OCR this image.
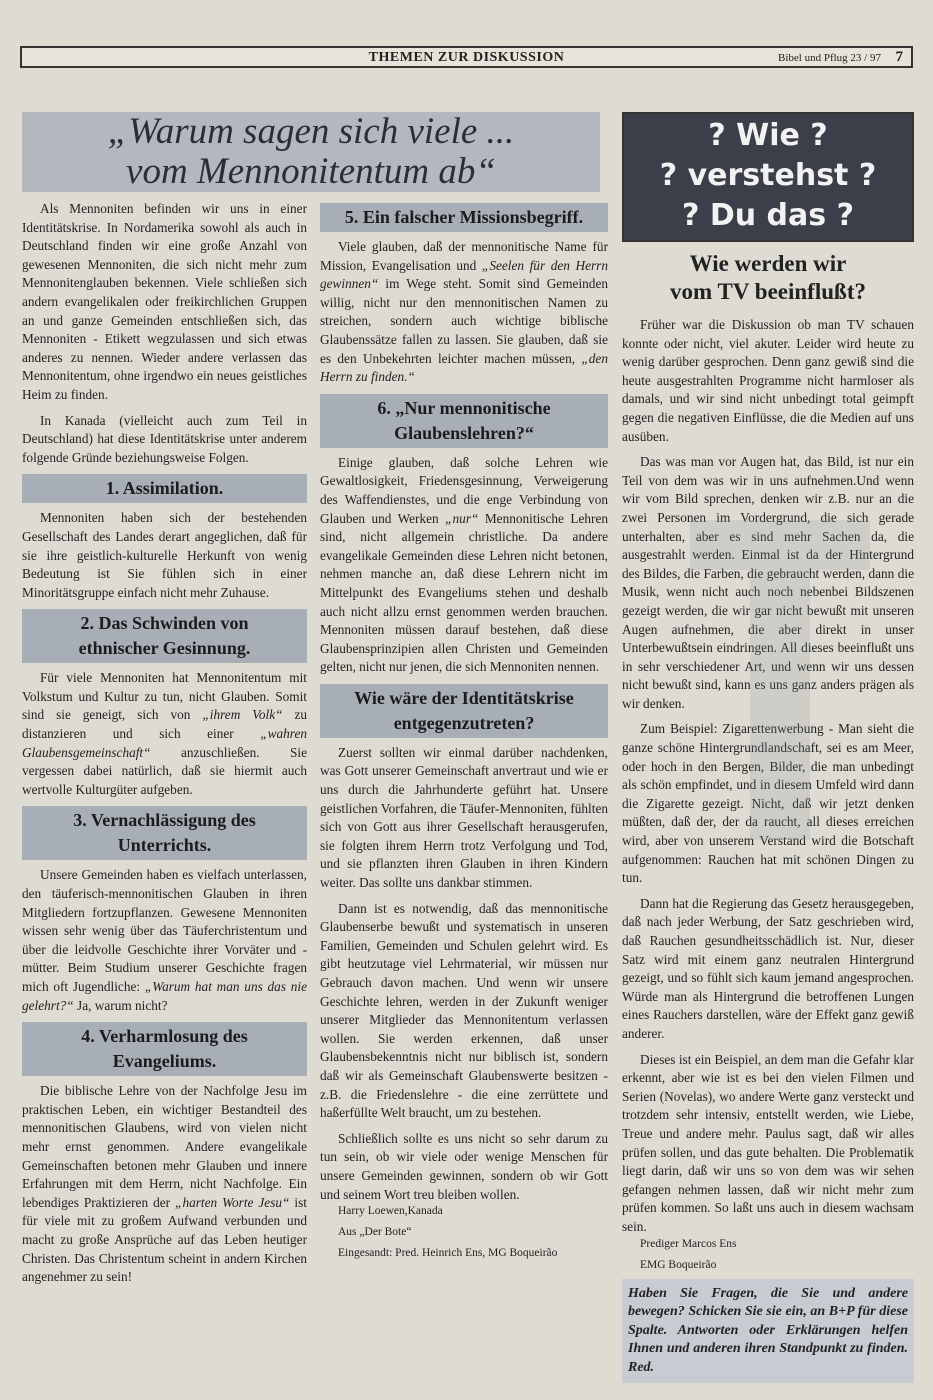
THEMEN ZUR DISKUSSION	Bibel und Pflug 23 / 97 7
„Warum sagen sich viele ...
vom Mennonitentum ab“

Als Mennoniten befinden wir uns in einer Identitätskrise. In Nordamerika sowohl als auch in Deutschland finden wir eine große Anzahl von gewesenen Mennoniten, die sich nicht mehr zum Mennonitenglauben bekennen. Viele schließen sich andern evangelikalen oder freikirchlichen Gruppen an und ganze Gemeinden entschließen sich, das Mennoniten - Etikett wegzulassen und sich etwas anderes zu nennen. Wieder andere verlassen das Mennonitentum, ohne irgendwo ein neues geistliches Heim zu finden.

In Kanada (vielleicht auch zum Teil in Deutschland) hat diese Identitätskrise unter anderem folgende Gründe beziehungsweise Folgen.

1. Assimilation.

Mennoniten haben sich der bestehenden Gesellschaft des Landes derart angeglichen, daß für sie ihre geistlich-kulturelle Herkunft von wenig Bedeutung ist Sie fühlen sich in einer Minoritätsgruppe einfach nicht mehr Zuhause.

2. Das Schwinden von
ethnischer Gesinnung.

Für viele Mennoniten hat Mennonitentum mit Volkstum und Kultur zu tun, nicht Glauben. Somit sind sie geneigt, sich von „ihrem Volk“ zu distanzieren und sich einer „wahren Glaubensgemeinschaft“ anzuschließen. Sie vergessen dabei natürlich, daß sie hiermit auch wertvolle Kulturgüter aufgeben.

3. Vernachlässigung des
Unterrichts.

Unsere Gemeinden haben es vielfach unterlassen, den täuferisch-mennonitischen Glauben in ihren Mitgliedern fortzupflanzen. Gewesene Mennoniten wissen sehr wenig über das Täuferchristentum und über die leidvolle Geschichte ihrer Vorväter und -mütter. Beim Studium unserer Geschichte fragen mich oft Jugendliche: „Warum hat man uns das nie gelehrt?“ Ja, warum nicht?

4. Verharmlosung des
Evangeliums.

Die biblische Lehre von der Nachfolge Jesu im praktischen Leben, ein wichtiger Bestandteil des mennonitischen Glaubens, wird von vielen nicht mehr ernst genommen. Andere evangelikale Gemeinschaften betonen mehr Glauben und innere Erfahrungen mit dem Herrn, nicht Nachfolge. Ein lebendiges Praktizieren der „harten Worte Jesu“ ist für viele mit zu großem Aufwand verbunden und macht zu große Ansprüche auf das Leben heutiger Christen. Das Christentum scheint in andern Kirchen angenehmer zu sein!

5. Ein falscher Missionsbegriff.

Viele glauben, daß der mennonitische Name für Mission, Evangelisation und „Seelen für den Herrn gewinnen“ im Wege steht. Somit sind Gemeinden willig, nicht nur den mennonitischen Namen zu streichen, sondern auch wichtige biblische Glaubenssätze fallen zu lassen. Sie glauben, daß sie es den Unbekehrten leichter machen müssen, „den Herrn zu finden.“

6. „Nur mennonitische
Glaubenslehren?“

Einige glauben, daß solche Lehren wie Gewaltlosigkeit, Friedensgesinnung, Verweigerung des Waffendienstes, und die enge Verbindung von Glauben und Werken „nur“ Mennonitische Lehren sind, nicht allgemein christliche. Da andere evangelikale Gemeinden diese Lehren nicht betonen, nehmen manche an, daß diese Lehrern nicht im Mittelpunkt des Evangeliums stehen und deshalb auch nicht allzu ernst genommen werden brauchen. Mennoniten müssen darauf bestehen, daß diese Glaubensprinzipien allen Christen und Gemeinden gelten, nicht nur jenen, die sich Mennoniten nennen.

Wie wäre der Identitätskrise
entgegenzutreten?

Zuerst sollten wir einmal darüber nachdenken, was Gott unserer Gemeinschaft anvertraut und wie er uns durch die Jahrhunderte geführt hat. Unsere geistlichen Vorfahren, die Täufer-Mennoniten, fühlten sich von Gott aus ihrer Gesellschaft herausgerufen, sie folgten ihrem Herrn trotz Verfolgung und Tod, und sie pflanzten ihren Glauben in ihren Kindern weiter. Das sollte uns dankbar stimmen.

Dann ist es notwendig, daß das mennonitische Glaubenserbe bewußt und systematisch in unseren Familien, Gemeinden und Schulen gelehrt wird. Es gibt heutzutage viel Lehrmaterial, wir müssen nur Gebrauch davon machen. Und wenn wir unsere Geschichte lehren, werden in der Zukunft weniger unserer Mitglieder das Mennonitentum verlassen wollen. Sie werden erkennen, daß unser Glaubensbekenntnis nicht nur biblisch ist, sondern daß wir als Gemeinschaft Glaubenswerte besitzen - z.B. die Friedenslehre - die eine zerrüttete und haßerfüllte Welt braucht, um zu bestehen.

Schließlich sollte es uns nicht so sehr darum zu tun sein, ob wir viele oder wenige Menschen für unsere Gemeinden gewinnen, sondern ob wir Gott und seinem Wort treu bleiben wollen.

Harry Loewen,Kanada

Aus „Der Bote“

Eingesandt: Pred. Heinrich Ens, MG Boqueirão

? Wie ?
? verstehst ?
? Du das ?
Wie werden wir
vom TV beeinflußt?

Früher war die Diskussion ob man TV schauen konnte oder nicht, viel akuter. Leider wird heute zu wenig darüber gesprochen. Denn ganz gewiß sind die heute ausgestrahlten Programme nicht harmloser als damals, und wir sind nicht unbedingt total geimpft gegen die negativen Einflüsse, die die Medien auf uns ausüben.

Das was man vor Augen hat, das Bild, ist nur ein Teil von dem was wir in uns aufnehmen.Und wenn wir vom Bild sprechen, denken wir z.B. nur an die zwei Personen im Vordergrund, die sich gerade unterhalten, aber es sind mehr Sachen da, die ausgestrahlt werden. Einmal ist da der Hintergrund des Bildes, die Farben, die gebraucht werden, dann die Musik, wenn nicht auch noch nebenbei Bildszenen gezeigt werden, die wir gar nicht bewußt mit unseren Augen aufnehmen, die aber direkt in unser Unterbewußtsein eindringen. All dieses beeinflußt uns in sehr verschiedener Art, und wenn wir uns dessen nicht bewußt sind, kann es uns ganz anders prägen als wir denken.

Zum Beispiel: Zigarettenwerbung - Man sieht die ganze schöne Hintergrundlandschaft, sei es am Meer, oder hoch in den Bergen, Bilder, die man unbedingt als schön empfindet, und in diesem Umfeld wird dann die Zigarette gezeigt. Nicht, daß wir jetzt denken müßten, daß der, der da raucht, all dieses erreichen wird, aber von unserem Verstand wird die Botschaft aufgenommen: Rauchen hat mit schönen Dingen zu tun.

Dann hat die Regierung das Gesetz herausgegeben, daß nach jeder Werbung, der Satz geschrieben wird, daß Rauchen gesundheitsschädlich ist. Nur, dieser Satz wird mit einem ganz neutralen Hintergrund gezeigt, und so fühlt sich kaum jemand angesprochen. Würde man als Hintergrund die betroffenen Lungen eines Rauchers darstellen, wäre der Effekt ganz gewiß anderer.

Dieses ist ein Beispiel, an dem man die Gefahr klar erkennt, aber wie ist es bei den vielen Filmen und Serien (Novelas), wo andere Werte ganz versteckt und trotzdem sehr intensiv, entstellt werden, wie Liebe, Treue und andere mehr. Paulus sagt, daß wir alles prüfen sollen, und das gute behalten. Die Problematik liegt darin, daß wir uns so von dem was wir sehen gefangen nehmen lassen, daß wir nicht mehr zum prüfen kommen. So laßt uns auch in diesem wachsam sein.

Prediger Marcos Ens

EMG Boqueirão

Haben Sie Fragen, die Sie und andere bewegen? Schicken Sie sie ein, an B+P für diese Spalte. Antworten oder Erklärungen helfen Ihnen und anderen ihren Standpunkt zu finden. Red.
